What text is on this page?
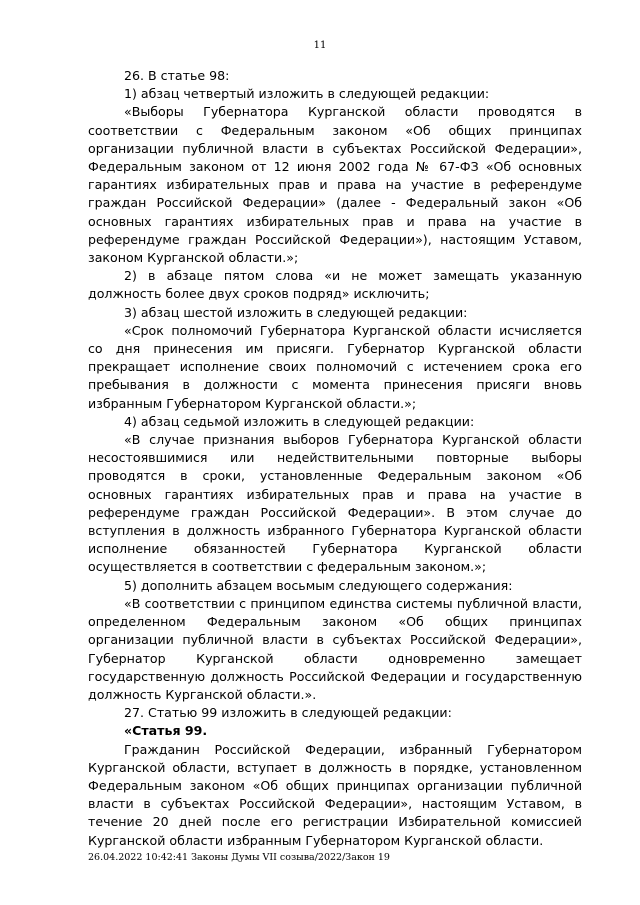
11

26. В статье 98:

1) абзац четвертый изложить в следующей редакции:

«Выборы Губернатора Курганской области проводятся в соответствии с Федеральным законом «Об общих принципах организации публичной власти в субъектах Российской Федерации», Федеральным законом от 12 июня 2002 года № 67-ФЗ «Об основных гарантиях избирательных прав и права на участие в референдуме граждан Российской Федерации» (далее - Федеральный закон «Об основных гарантиях избирательных прав и права на участие в референдуме граждан Российской Федерации»), настоящим Уставом, законом Курганской области.»;

2) в абзаце пятом слова «и не может замещать указанную должность более двух сроков подряд» исключить;

3) абзац шестой изложить в следующей редакции:

«Срок полномочий Губернатора Курганской области исчисляется со дня принесения им присяги. Губернатор Курганской области прекращает исполнение своих полномочий с истечением срока его пребывания в должности с момента принесения присяги вновь избранным Губернатором Курганской области.»;

4) абзац седьмой изложить в следующей редакции:

«В случае признания выборов Губернатора Курганской области несостоявшимися или недействительными повторные выборы проводятся в сроки, установленные Федеральным законом «Об основных гарантиях избирательных прав и права на участие в референдуме граждан Российской Федерации». В этом случае до вступления в должность избранного Губернатора Курганской области исполнение обязанностей Губернатора Курганской области осуществляется в соответствии с федеральным законом.»;

5) дополнить абзацем восьмым следующего содержания:

«В соответствии с принципом единства системы публичной власти, определенном Федеральным законом «Об общих принципах организации публичной власти в субъектах Российской Федерации», Губернатор Курганской области одновременно замещает государственную должность Российской Федерации и государственную должность Курганской области.».

27. Статью 99 изложить в следующей редакции:

«Статья 99.

Гражданин Российской Федерации, избранный Губернатором Курганской области, вступает в должность в порядке, установленном Федеральным законом «Об общих принципах организации публичной власти в субъектах Российской Федерации», настоящим Уставом, в течение 20 дней после его регистрации Избирательной комиссией Курганской области избранным Губернатором Курганской области.

26.04.2022 10:42:41 Законы Думы VII созыва/2022/Закон 19
